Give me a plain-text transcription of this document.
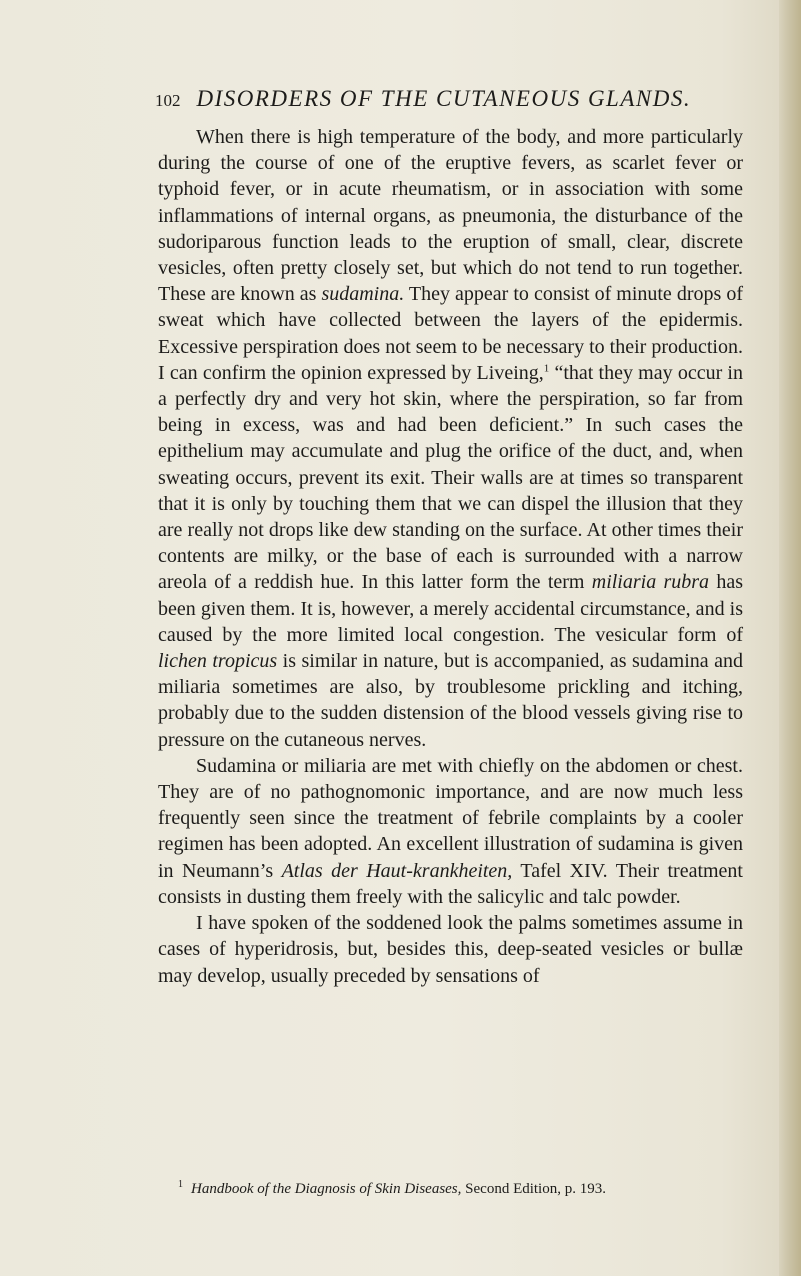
102 DISORDERS OF THE CUTANEOUS GLANDS.

When there is high temperature of the body, and more particularly during the course of one of the eruptive fevers, as scarlet fever or typhoid fever, or in acute rheumatism, or in association with some inflammations of internal organs, as pneumonia, the disturbance of the sudoriparous function leads to the eruption of small, clear, discrete vesicles, often pretty closely set, but which do not tend to run together. These are known as sudamina. They appear to consist of minute drops of sweat which have collected between the layers of the epidermis. Excessive perspiration does not seem to be necessary to their production. I can confirm the opinion expressed by Liveing,$^1$ “that they may occur in a perfectly dry and very hot skin, where the perspiration, so far from being in excess, was and had been deficient.” In such cases the epithelium may accumulate and plug the orifice of the duct, and, when sweating occurs, prevent its exit. Their walls are at times so transparent that it is only by touching them that we can dispel the illusion that they are really not drops like dew standing on the surface. At other times their contents are milky, or the base of each is surrounded with a narrow areola of a reddish hue. In this latter form the term miliaria rubra has been given them. It is, however, a merely accidental circumstance, and is caused by the more limited local congestion. The vesicular form of lichen tropicus is similar in nature, but is accompanied, as sudamina and miliaria sometimes are also, by troublesome prickling and itching, probably due to the sudden distension of the blood vessels giving rise to pressure on the cutaneous nerves.

Sudamina or miliaria are met with chiefly on the abdomen or chest. They are of no pathognomonic importance, and are now much less frequently seen since the treatment of febrile complaints by a cooler regimen has been adopted. An excellent illustration of sudamina is given in Neumann’s Atlas der Haut-krankheiten, Tafel XIV. Their treatment consists in dusting them freely with the salicylic and talc powder.

I have spoken of the soddened look the palms sometimes assume in cases of hyperidrosis, but, besides this, deep-seated vesicles or bullæ may develop, usually preceded by sensations of

$^1$ Handbook of the Diagnosis of Skin Diseases, Second Edition, p. 193.
